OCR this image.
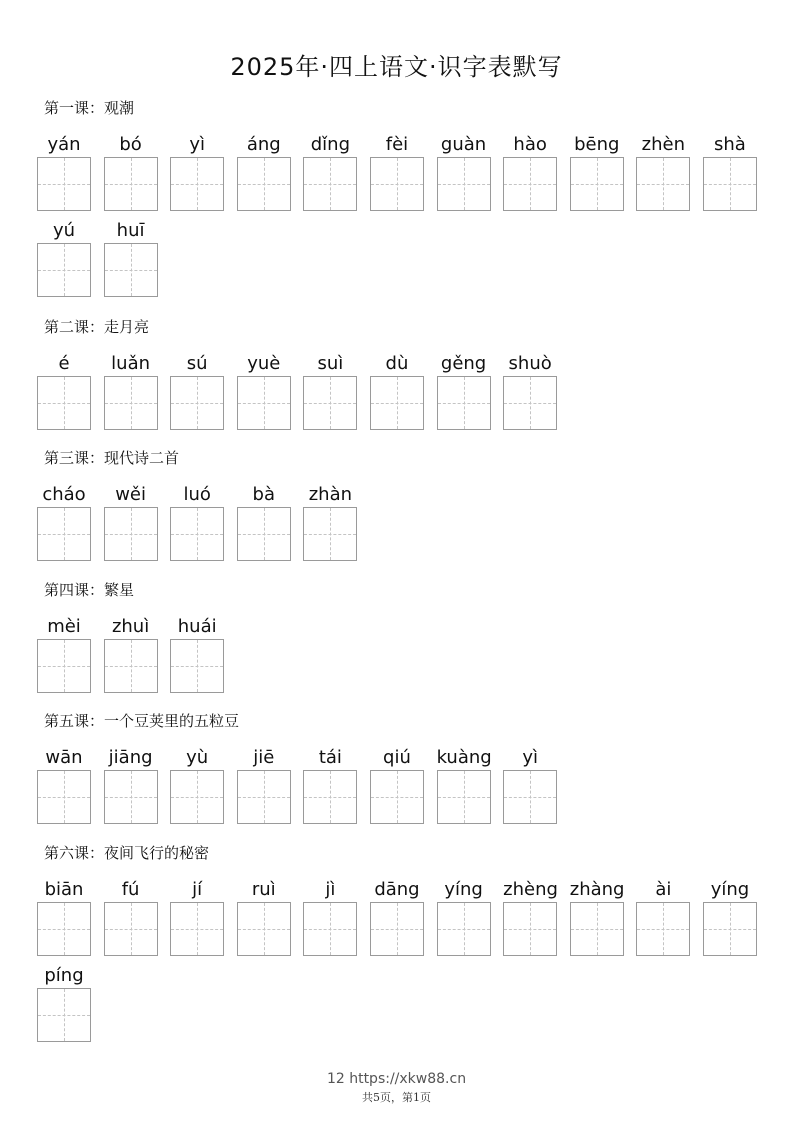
2025年·四上语文·识字表默写
第一课：观潮
yán	bó	yì	áng	dǐng	fèi	guàn	hào	bēng zhèn	shà
yú	huī
第二课：走月亮
é	luǎn	sú	yuè	suì	dù	gěng shuò
第三课：现代诗二首
cháo	wěi	luó	bà	zhàn
第四课：繁星
mèi	zhuì	huái
第五课：一个豆荚里的五粒豆
wān	jiāng	yù	jiē	tái	qiú	kuàng	yì
第六课：夜间飞行的秘密
biān	fú	jí	ruì	jì	dāng	yíng	zhèng zhàng	ài	yíng
píng
12 https://xkw88.cn
共5页，第1页
